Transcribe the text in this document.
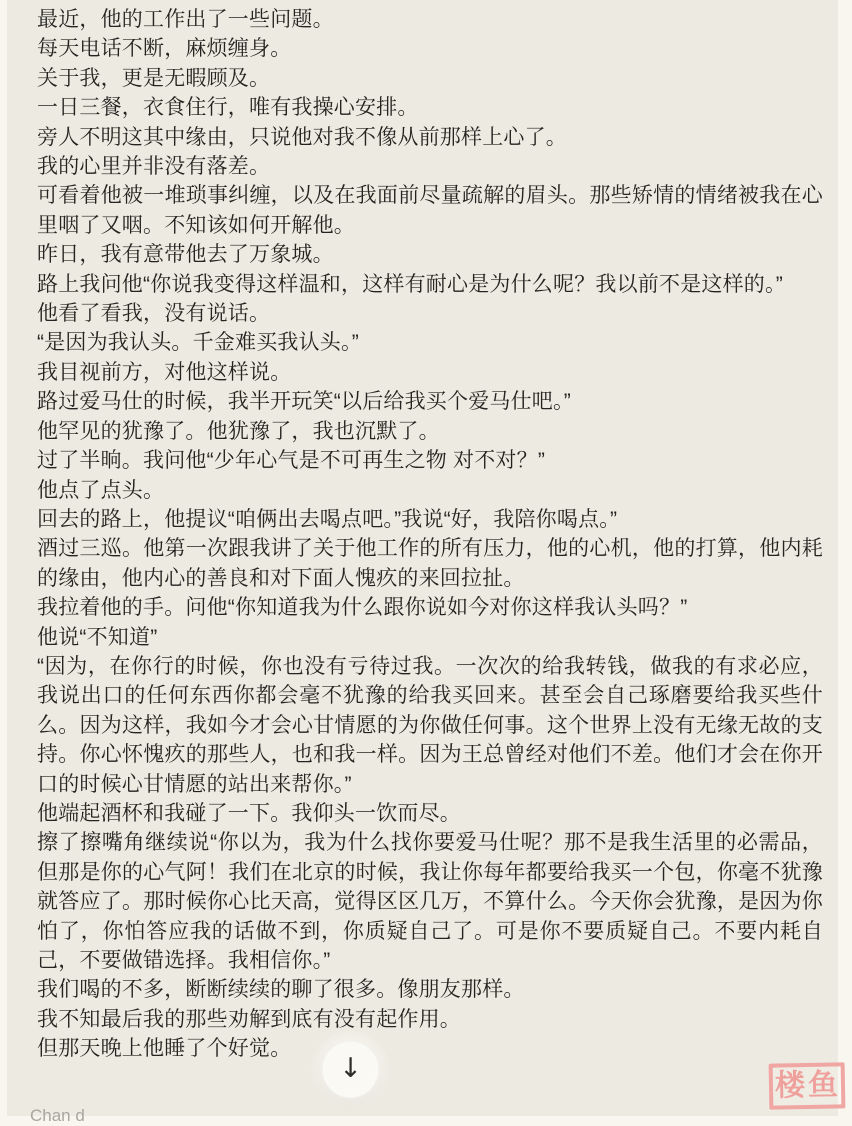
最近，他的工作出了一些问题。

每天电话不断，麻烦缠身。

关于我，更是无暇顾及。

一日三餐，衣食住行，唯有我操心安排。

旁人不明这其中缘由，只说他对我不像从前那样上心了。

我的心里并非没有落差。

可看着他被一堆琐事纠缠，以及在我面前尽量疏解的眉头。那些矫情的情绪被我在心里咽了又咽。不知该如何开解他。

昨日，我有意带他去了万象城。

路上我问他“你说我变得这样温和，这样有耐心是为什么呢？我以前不是这样的。”

他看了看我，没有说话。

“是因为我认头。千金难买我认头。”

我目视前方，对他这样说。

路过爱马仕的时候，我半开玩笑“以后给我买个爱马仕吧。”

他罕见的犹豫了。他犹豫了，我也沉默了。

过了半晌。我问他“少年心气是不可再生之物 对不对？”

他点了点头。

回去的路上，他提议“咱俩出去喝点吧。”我说“好，我陪你喝点。”

酒过三巡。他第一次跟我讲了关于他工作的所有压力，他的心机，他的打算，他内耗的缘由，他内心的善良和对下面人愧疚的来回拉扯。

我拉着他的手。问他“你知道我为什么跟你说如今对你这样我认头吗？”

他说“不知道”

“因为，在你行的时候，你也没有亏待过我。一次次的给我转钱，做我的有求必应，我说出口的任何东西你都会毫不犹豫的给我买回来。甚至会自己琢磨要给我买些什么。因为这样，我如今才会心甘情愿的为你做任何事。这个世界上没有无缘无故的支持。你心怀愧疚的那些人，也和我一样。因为王总曾经对他们不差。他们才会在你开口的时候心甘情愿的站出来帮你。”

他端起酒杯和我碰了一下。我仰头一饮而尽。

擦了擦嘴角继续说“你以为，我为什么找你要爱马仕呢？那不是我生活里的必需品，但那是你的心气阿！我们在北京的时候，我让你每年都要给我买一个包，你毫不犹豫就答应了。那时候你心比天高，觉得区区几万，不算什么。今天你会犹豫，是因为你怕了，你怕答应我的话做不到，你质疑自己了。可是你不要质疑自己。不要内耗自己，不要做错选择。我相信你。”

我们喝的不多，断断续续的聊了很多。像朋友那样。

我不知最后我的那些劝解到底有没有起作用。

但那天晚上他睡了个好觉。

Chan d
↓	楼 鱼
